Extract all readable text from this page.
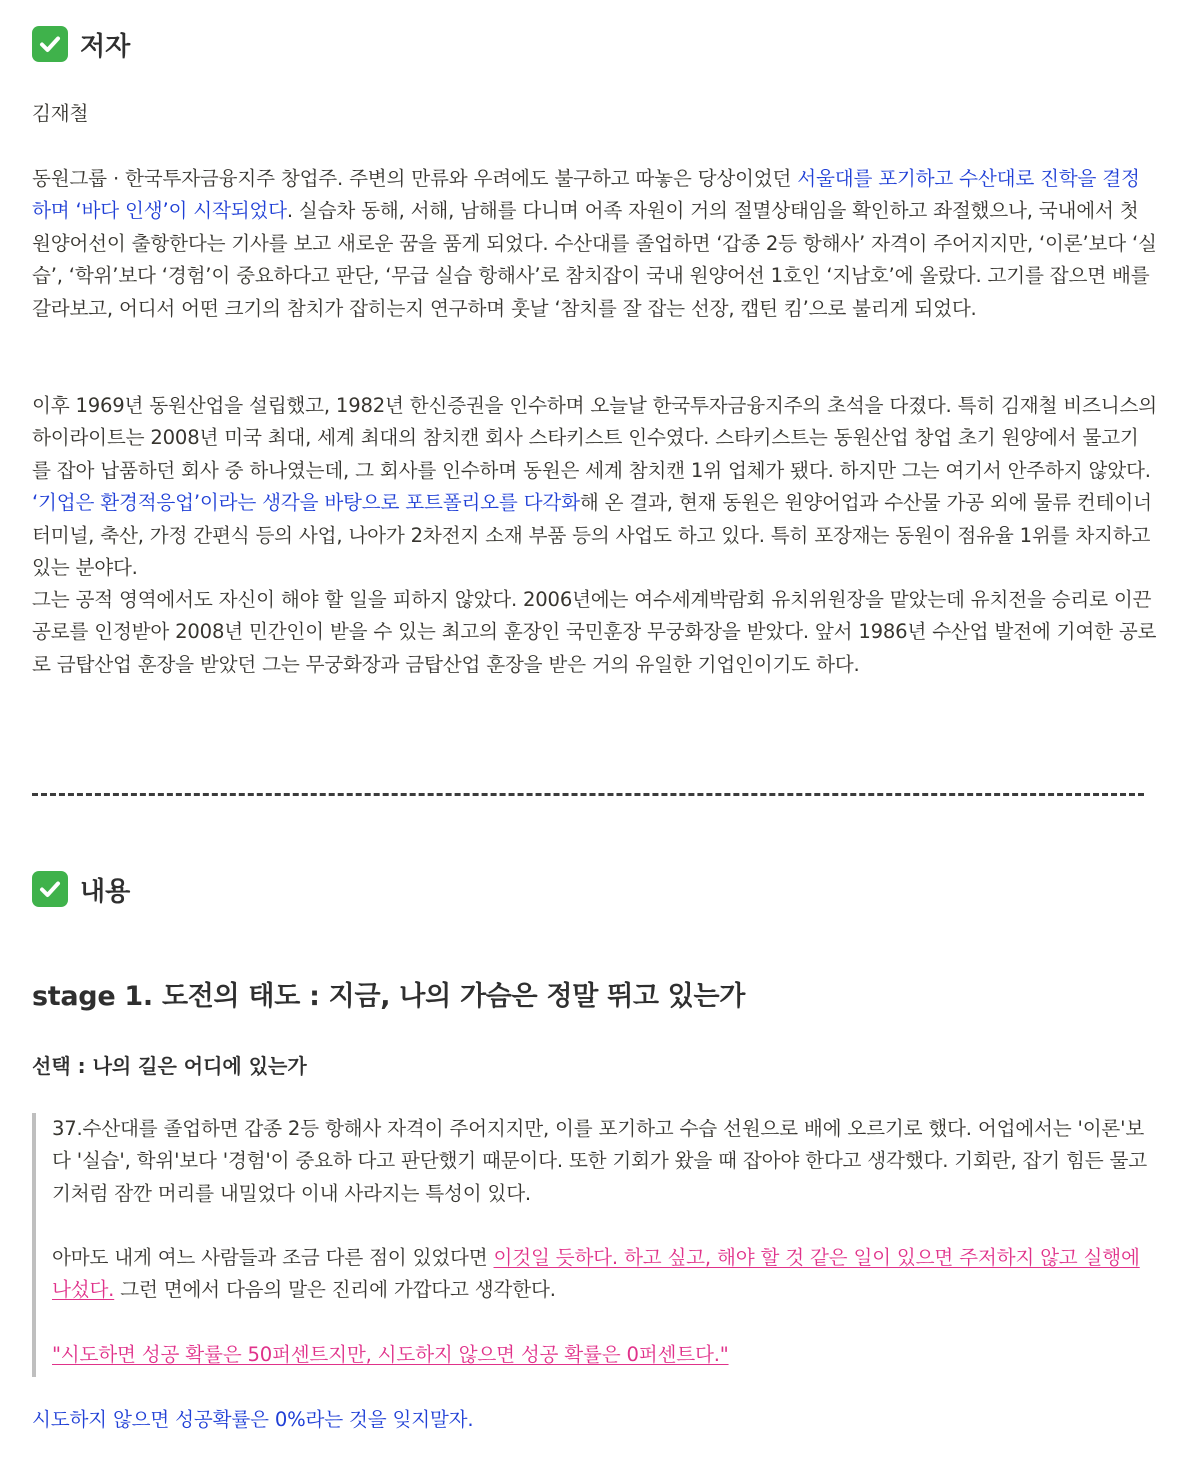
저자

김재철

동원그룹 · 한국투자금융지주 창업주. 주변의 만류와 우려에도 불구하고 따놓은 당상이었던 서울대를 포기하고 수산대로 진학을 결정하며 ‘바다 인생’이 시작되었다. 실습차 동해, 서해, 남해를 다니며 어족 자원이 거의 절멸상태임을 확인하고 좌절했으나, 국내에서 첫 원양어선이 출항한다는 기사를 보고 새로운 꿈을 품게 되었다. 수산대를 졸업하면 ‘갑종 2등 항해사’ 자격이 주어지지만, ‘이론’보다 ‘실습’, ‘학위’보다 ‘경험’이 중요하다고 판단, ‘무급 실습 항해사’로 참치잡이 국내 원양어선 1호인 ‘지남호’에 올랐다. 고기를 잡으면 배를 갈라보고, 어디서 어떤 크기의 참치가 잡히는지 연구하며 훗날 ‘참치를 잘 잡는 선장, 캡틴 킴’으로 불리게 되었다.

이후 1969년 동원산업을 설립했고, 1982년 한신증권을 인수하며 오늘날 한국투자금융지주의 초석을 다졌다. 특히 김재철 비즈니스의 하이라이트는 2008년 미국 최대, 세계 최대의 참치캔 회사 스타키스트 인수였다. 스타키스트는 동원산업 창업 초기 원양에서 물고기를 잡아 납품하던 회사 중 하나였는데, 그 회사를 인수하며 동원은 세계 참치캔 1위 업체가 됐다. 하지만 그는 여기서 안주하지 않았다. ‘기업은 환경적응업’이라는 생각을 바탕으로 포트폴리오를 다각화해 온 결과, 현재 동원은 원양어업과 수산물 가공 외에 물류 컨테이너 터미널, 축산, 가정 간편식 등의 사업, 나아가 2차전지 소재 부품 등의 사업도 하고 있다. 특히 포장재는 동원이 점유율 1위를 차지하고 있는 분야다.

그는 공적 영역에서도 자신이 해야 할 일을 피하지 않았다. 2006년에는 여수세계박람회 유치위원장을 맡았는데 유치전을 승리로 이끈 공로를 인정받아 2008년 민간인이 받을 수 있는 최고의 훈장인 국민훈장 무궁화장을 받았다. 앞서 1986년 수산업 발전에 기여한 공로로 금탑산업 훈장을 받았던 그는 무궁화장과 금탑산업 훈장을 받은 거의 유일한 기업인이기도 하다.

내용
stage 1. 도전의 태도 : 지금, 나의 가슴은 정말 뛰고 있는가
선택 : 나의 길은 어디에 있는가

37.수산대를 졸업하면 갑종 2등 항해사 자격이 주어지지만, 이를 포기하고 수습 선원으로 배에 오르기로 했다. 어업에서는 '이론'보다 '실습', 학위'보다 '경험'이 중요하 다고 판단했기 때문이다. 또한 기회가 왔을 때 잡아야 한다고 생각했다. 기회란, 잡기 힘든 물고기처럼 잠깐 머리를 내밀었다 이내 사라지는 특성이 있다.

아마도 내게 여느 사람들과 조금 다른 점이 있었다면 이것일 듯하다. 하고 싶고, 해야 할 것 같은 일이 있으면 주저하지 않고 실행에 나섰다. 그런 면에서 다음의 말은 진리에 가깝다고 생각한다.

"시도하면 성공 확률은 50퍼센트지만, 시도하지 않으면 성공 확률은 0퍼센트다."

시도하지 않으면 성공확률은 0%라는 것을 잊지말자.
